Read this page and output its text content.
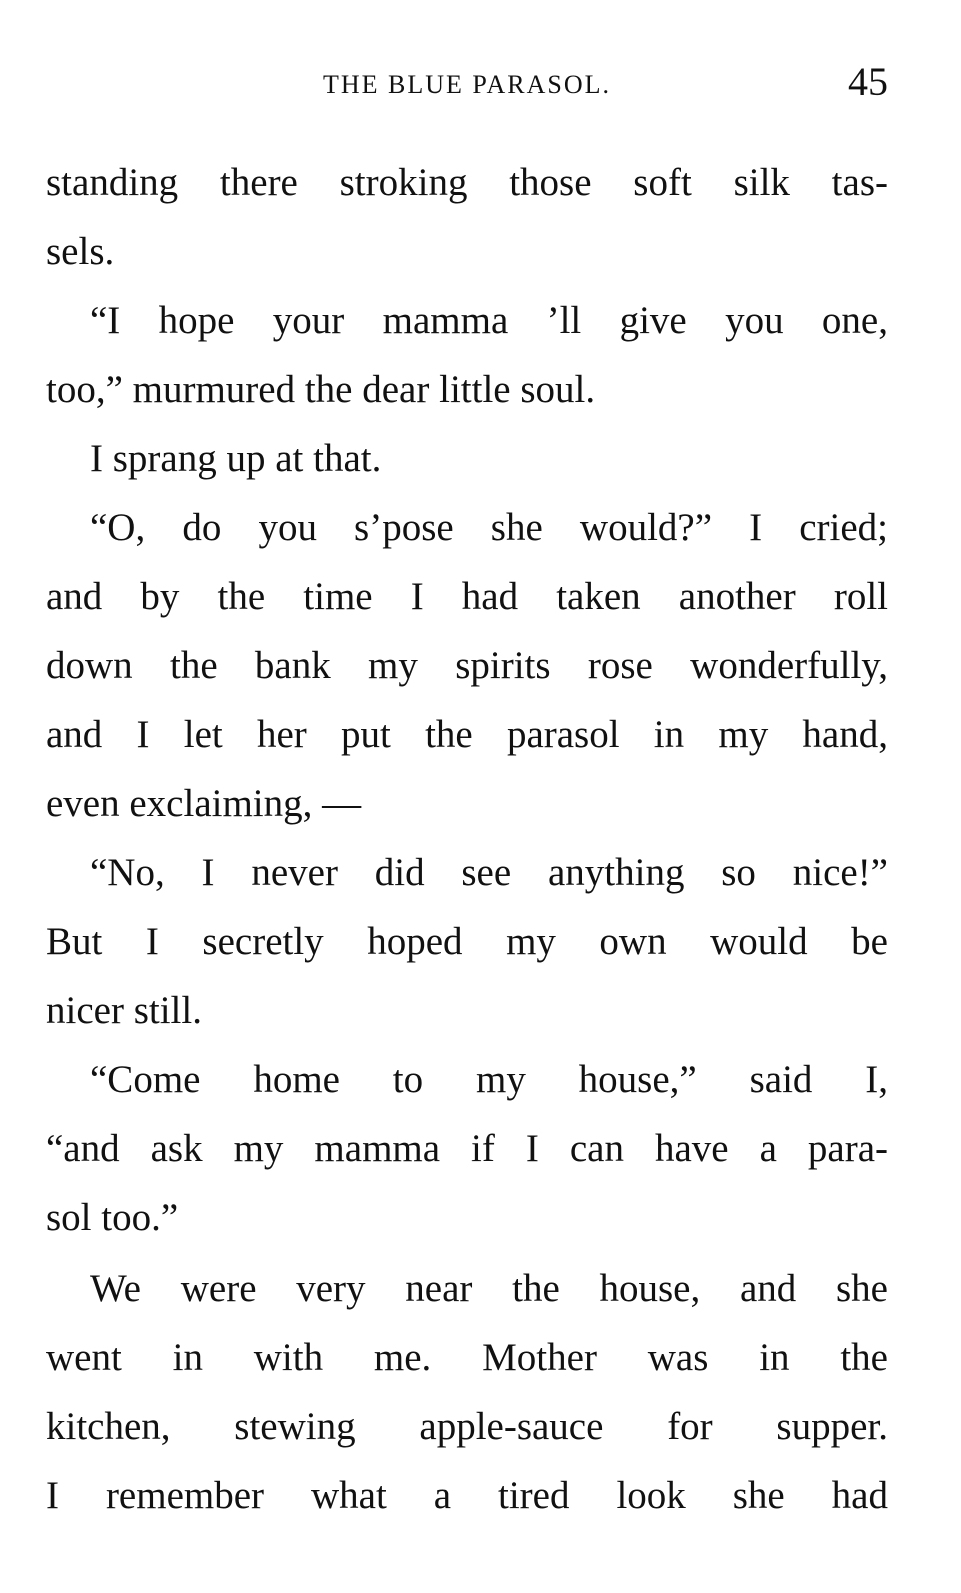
THE BLUE PARASOL.	45
standing there stroking those soft silk tas-
sels.
“I hope your mamma ’ll give you one,
too,” murmured the dear little soul.
I sprang up at that.
“O, do you s’pose she would?” I cried;
and by the time I had taken another roll
down the bank my spirits rose wonderfully,
and I let her put the parasol in my hand,
even exclaiming, —
“No, I never did see anything so nice!”
But I secretly hoped my own would be
nicer still.
“Come home to my house,” said I,
“and ask my mamma if I can have a para-
sol too.”
We were very near the house, and she
went in with me. Mother was in the
kitchen, stewing apple-sauce for supper.
I remember what a tired look she had
